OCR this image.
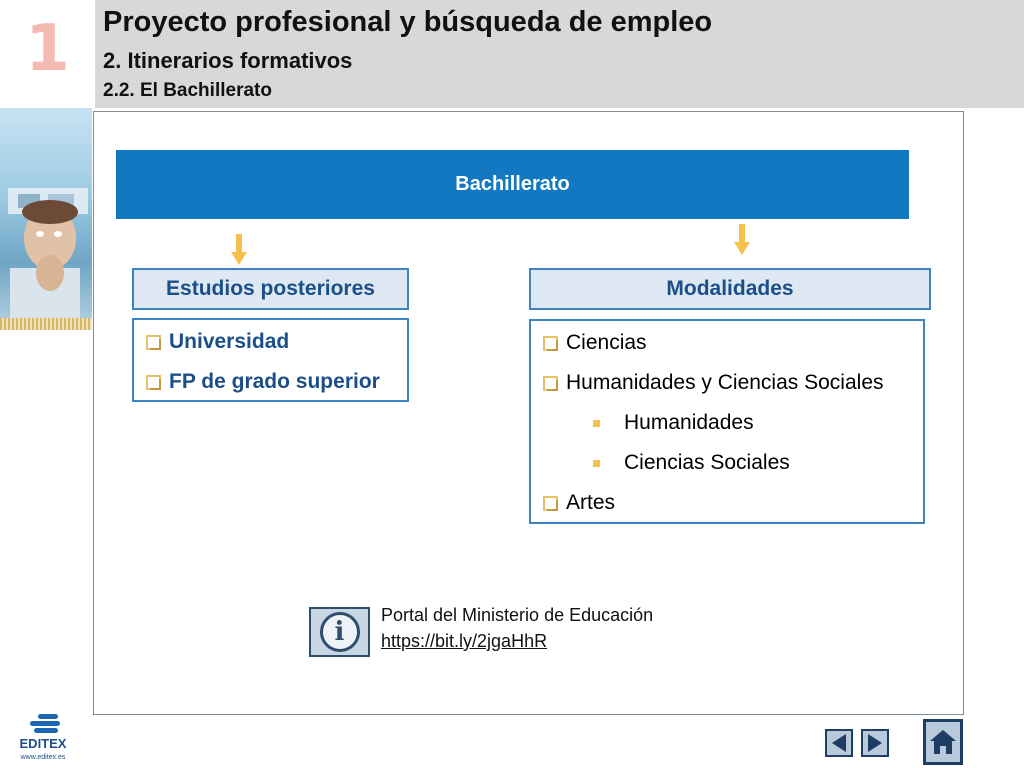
1	Proyecto profesional y búsqueda de empleo
2. Itinerarios formativos
2.2. El Bachillerato
Bachillerato
Estudios posteriores
Universidad
FP de grado superior
Modalidades
Ciencias
Humanidades y Ciencias Sociales
Humanidades
Ciencias Sociales
Artes
i
Portal del Ministerio de Educación
https://bit.ly/2jgaHhR
EDITEX
www.editex.es
